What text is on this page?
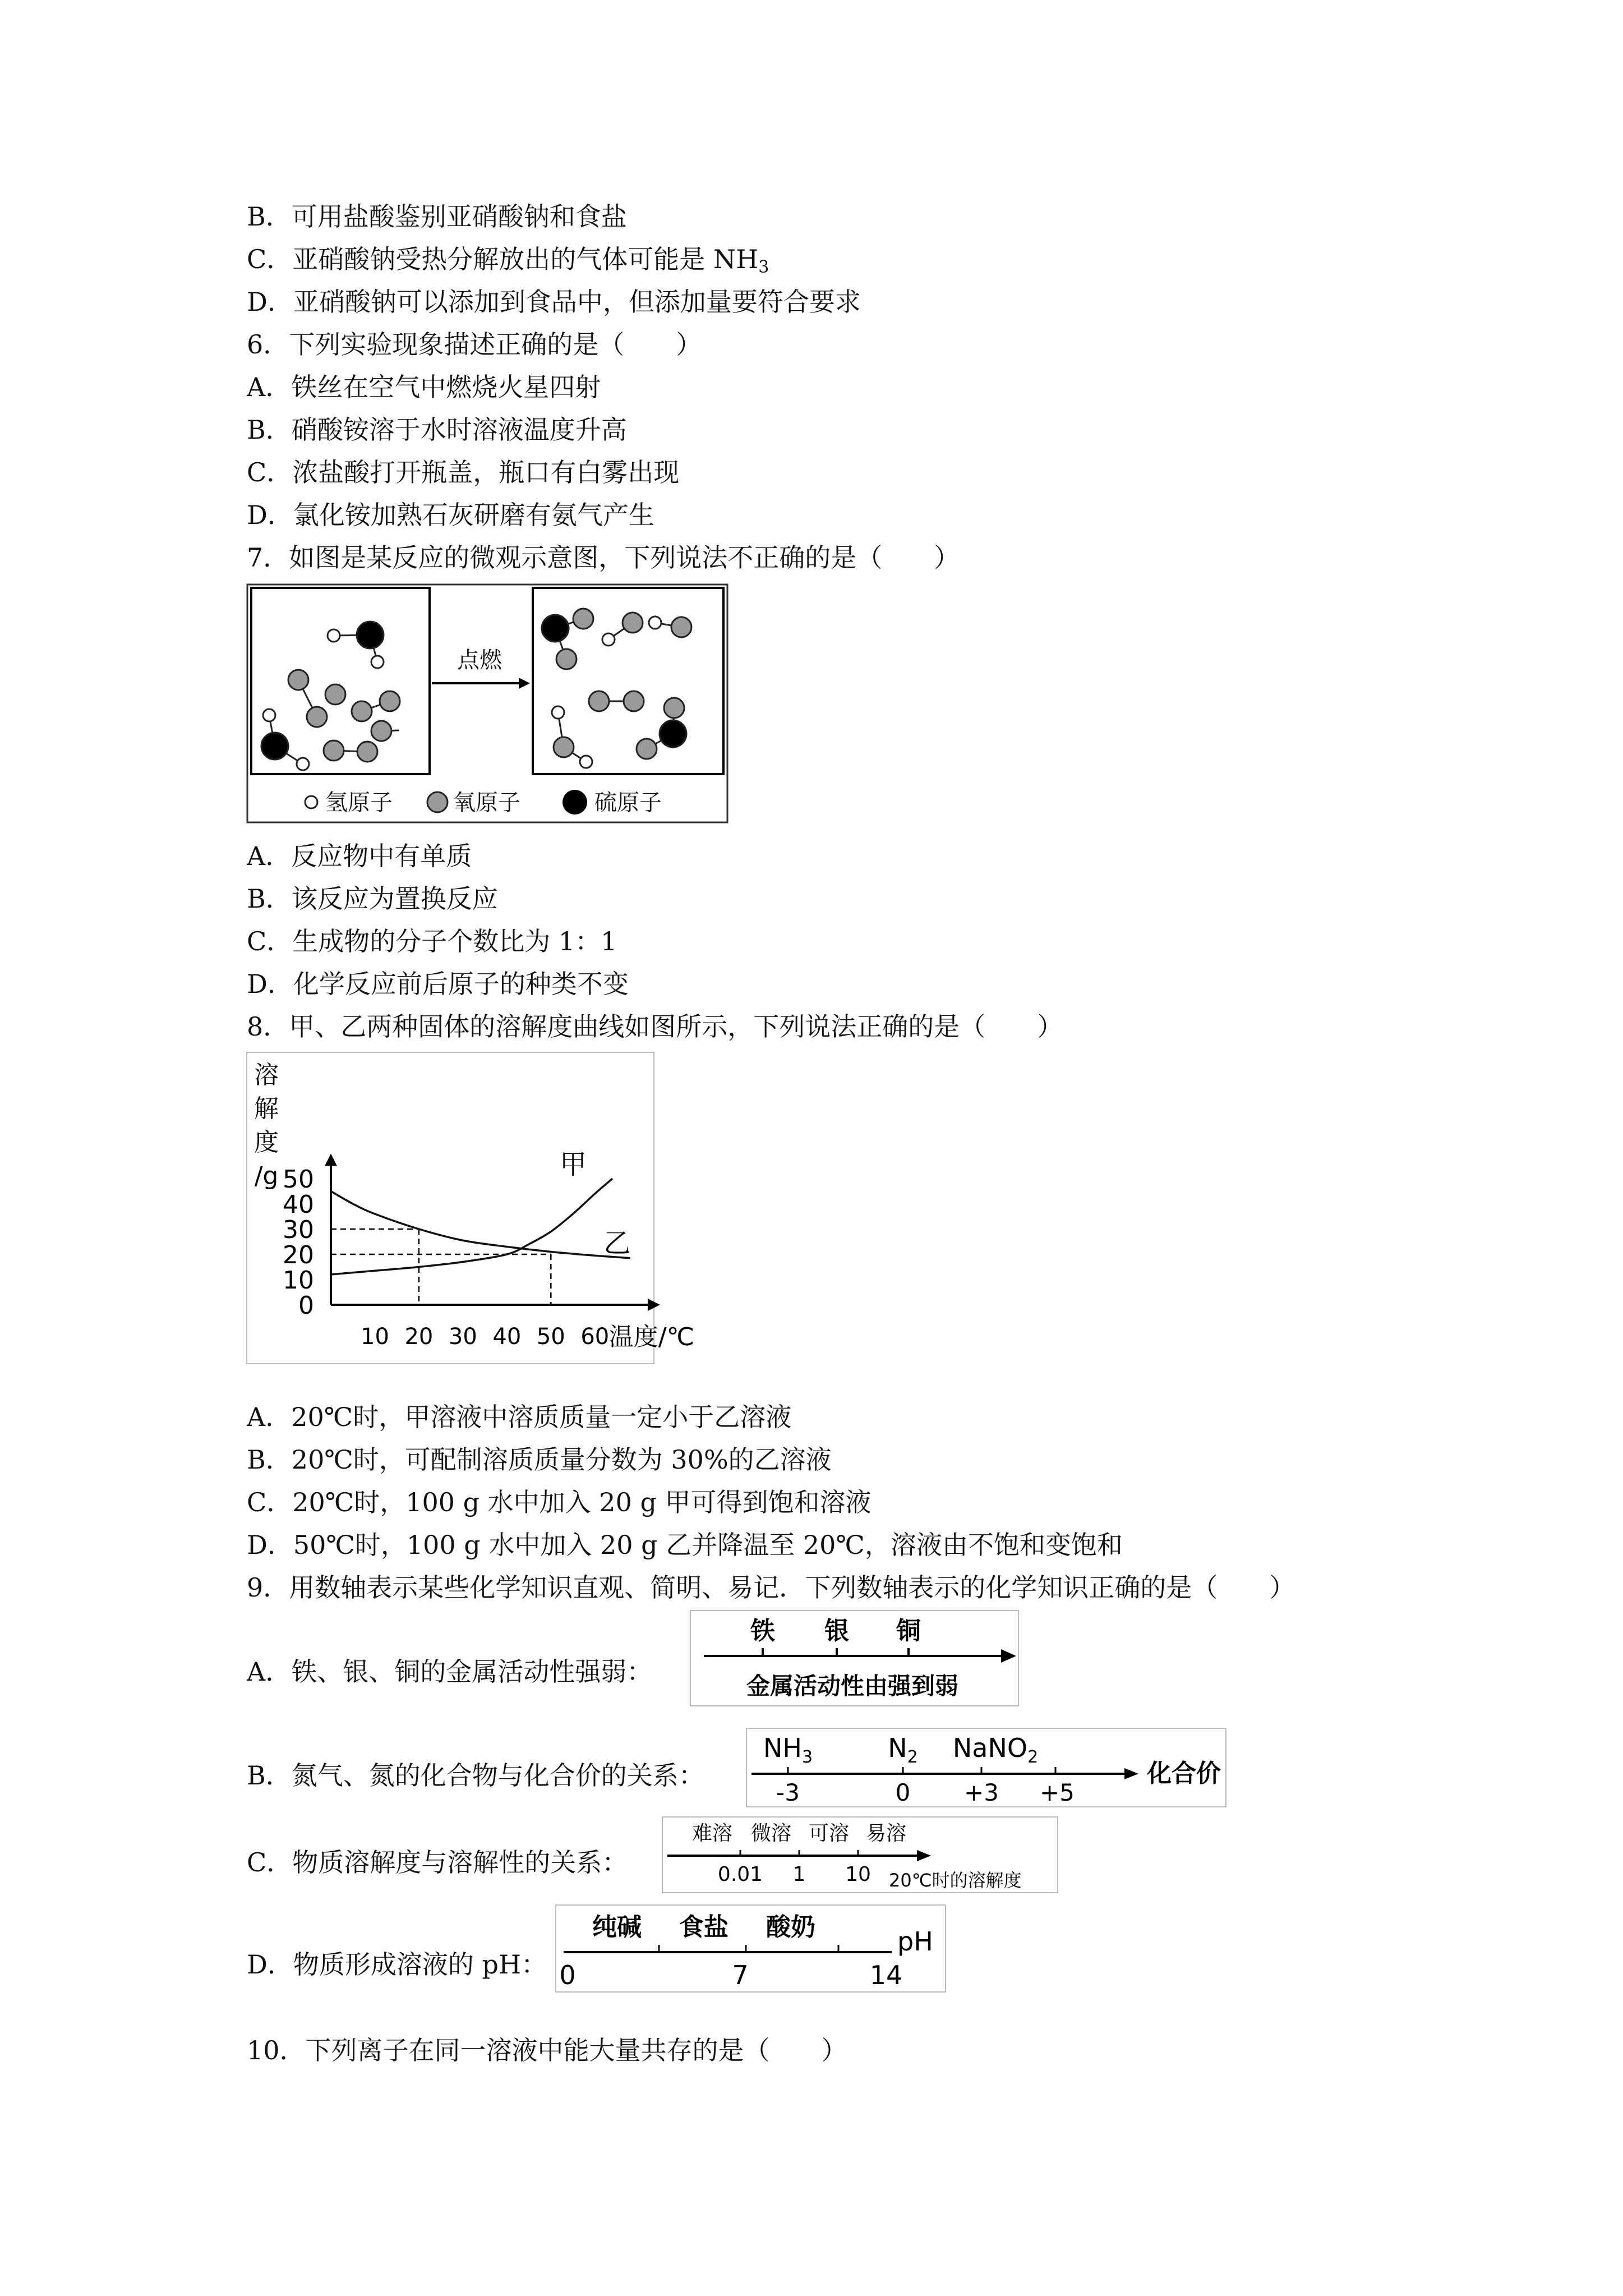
B．可用盐酸鉴别亚硝酸钠和食盐
C．亚硝酸钠受热分解放出的气体可能是 $NH_3$
D．亚硝酸钠可以添加到食品中，但添加量要符合要求
6．下列实验现象描述正确的是（　　）
A．铁丝在空气中燃烧火星四射
B．硝酸铵溶于水时溶液温度升高
C．浓盐酸打开瓶盖，瓶口有白雾出现
D．氯化铵加熟石灰研磨有氨气产生
7．如图是某反应的微观示意图，下列说法不正确的是（　　）
点燃
氢原子	氧原子	硫原子
A．反应物中有单质
B．该反应为置换反应
C．生成物的分子个数比为 1：1
D．化学反应前后原子的种类不变
8．甲、乙两种固体的溶解度曲线如图所示，下列说法正确的是（　　）
0
10
20
30
40
50
10 20 30 40 50 60
溶
解
度
/g
温度/℃
甲
乙
A．20℃时，甲溶液中溶质质量一定小于乙溶液
B．20℃时，可配制溶质质量分数为 30%的乙溶液
C．20℃时，100 g 水中加入 20 g 甲可得到饱和溶液
D．50℃时，100 g 水中加入 20 g 乙并降温至 20℃，溶液由不饱和变饱和
9．用数轴表示某些化学知识直观、简明、易记．下列数轴表示的化学知识正确的是（　　）
A．铁、银、铜的金属活动性强弱：
铁 银 铜
金属活动性由强到弱
B．氮气、氮的化合物与化合价的关系：
$NH_3$	$N_2$ NaNO$_2$
-3	0 +3 +5
化合价
C．物质溶解度与溶解性的关系：
难溶 微溶 可溶 易溶
0.01 1 10 20℃时的溶解度
D．物质形成溶液的 pH：
纯碱 食盐 酸奶
0	7	14
pH
10．下列离子在同一溶液中能大量共存的是（　　）
